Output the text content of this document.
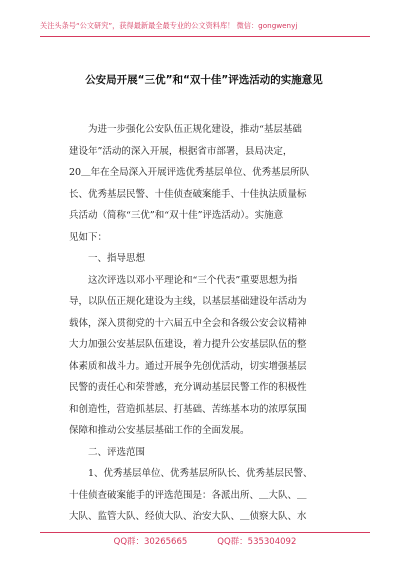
关注头条号“公文研究”，获得最新最全最专业的公文资料库！ 微信：gongwenyj
公安局开展“三优”和“双十佳”评选活动的实施意见

为进一步强化公安队伍正规化建设，推动“基层基础
建设年”活动的深入开展，根据省市部署，县局决定，
20＿年在全局深入开展评选优秀基层单位、优秀基层所队
长、优秀基层民警、十佳侦查破案能手、十佳执法质量标
兵活动（简称“三优”和“双十佳”评选活动）。实施意
见如下：

一、指导思想

这次评选以邓小平理论和“三个代表”重要思想为指
导，以队伍正规化建设为主线，以基层基础建设年活动为
载体，深入贯彻党的十六届五中全会和各级公安会议精神
大力加强公安基层队伍建设，着力提升公安基层队伍的整
体素质和战斗力。通过开展争先创优活动，切实增强基层
民警的责任心和荣誉感，充分调动基层民警工作的积极性
和创造性，营造抓基层、打基础、苦练基本功的浓厚氛围
保障和推动公安基层基础工作的全面发展。

二、评选范围

1、优秀基层单位、优秀基层所队长、优秀基层民警、
十佳侦查破案能手的评选范围是：各派出所、＿大队、＿
大队、监管大队、经侦大队、治安大队、＿侦察大队、水

QQ群：30265665	QQ群：535304092
